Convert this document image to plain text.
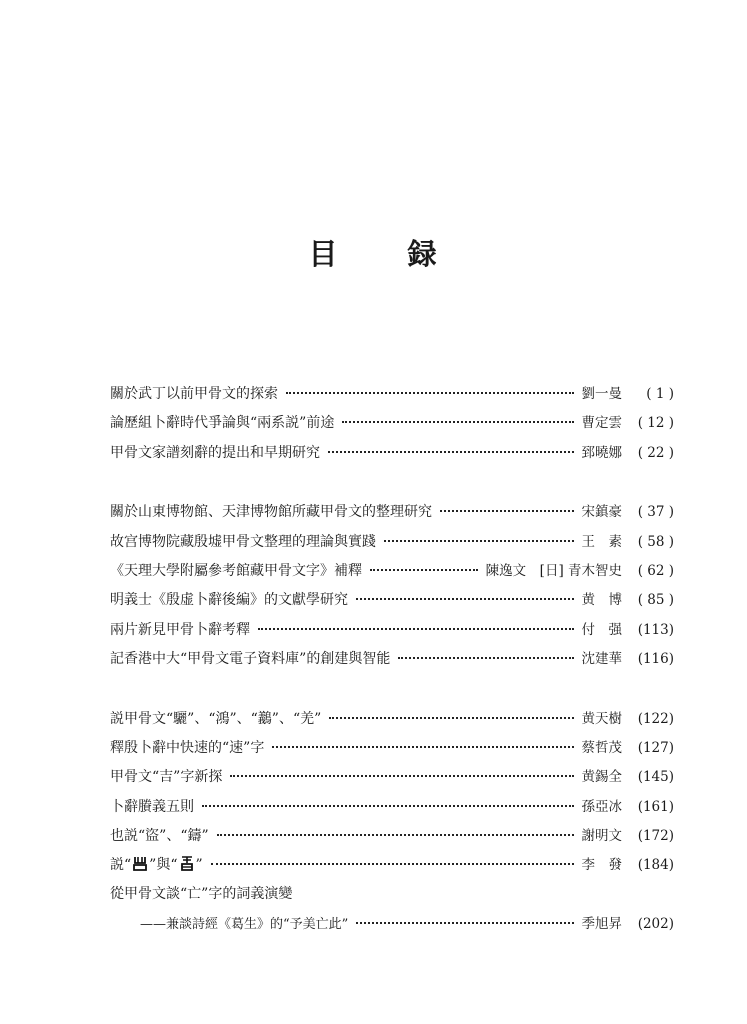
目 録
關於武丁以前甲骨文的探索	劉一曼	( 1 )
論歷組卜辭時代爭論與“兩系説”前途	曹定雲	( 12 )
甲骨文家譜刻辭的提出和早期研究	郅曉娜	( 22 )
關於山東博物館、天津博物館所藏甲骨文的整理研究	宋鎮豪	( 37 )
故宫博物院藏殷墟甲骨文整理的理論與實踐	王　素	( 58 )
《天理大學附屬參考館藏甲骨文字》補釋	陳逸文　[日] 青木智史	( 62 )
明義士《殷虚卜辭後編》的文獻學研究	黄　博	( 85 )
兩片新見甲骨卜辭考釋	付　强	(113)
記香港中大“甲骨文電子資料庫”的創建與智能	沈建華	(116)
説甲骨文“驪”、“鴻”、“䴊”、“羌”	黄天樹	(122)
釋殷卜辭中快速的“速”字	蔡哲茂	(127)
甲骨文“吉”字新探	黄錫全	(145)
卜辭賸義五則	孫亞冰	(161)
也説“盜”、“鑄”	謝明文	(172)
説“ ”與“ ”	李　發	(184)
從甲骨文談“亡”字的詞義演變
——兼談詩經《葛生》的“予美亡此”	季旭昇	(202)
